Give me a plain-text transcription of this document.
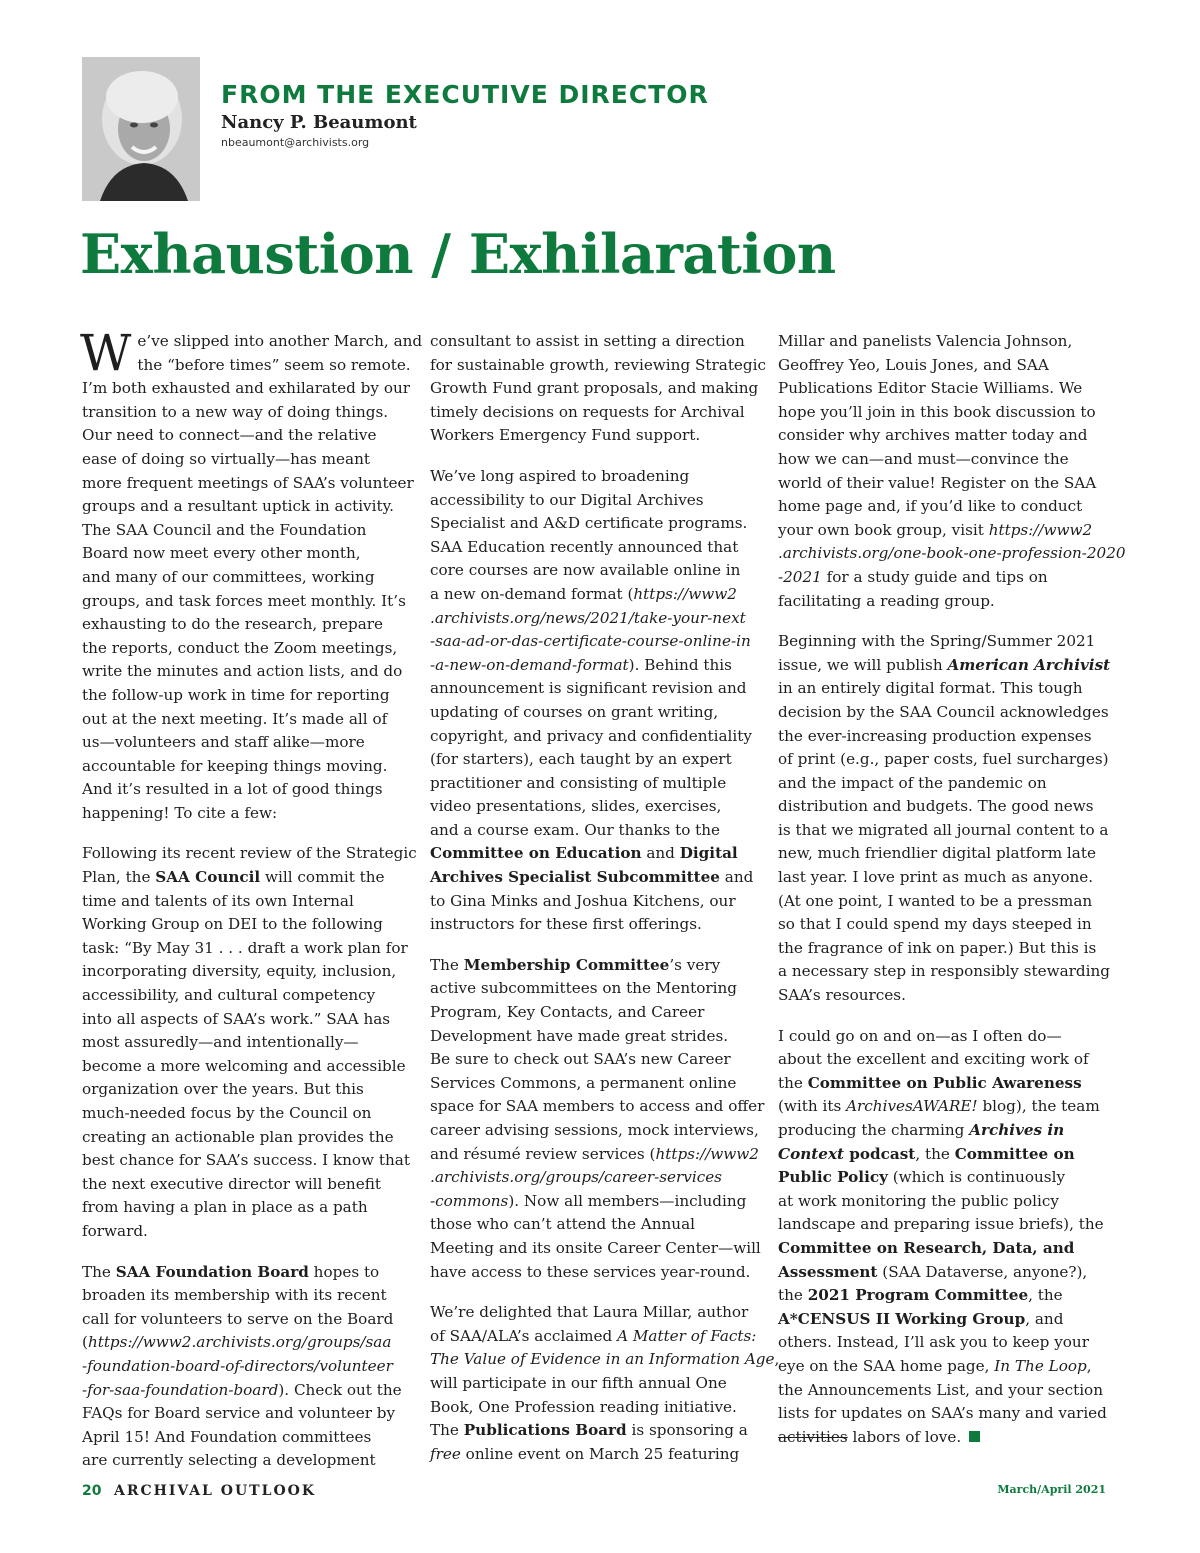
FROM THE EXECUTIVE DIRECTOR

Nancy P. Beaumont

nbeaumont@archivists.org

Exhaustion / Exhilaration

W e’ve slipped into another March, and
the “before times” seem so remote.
I’m both exhausted and exhilarated by our
transition to a new way of doing things.
Our need to connect—and the relative
ease of doing so virtually—has meant
more frequent meetings of SAA’s volunteer
groups and a resultant uptick in activity.
The SAA Council and the Foundation
Board now meet every other month,
and many of our committees, working
groups, and task forces meet monthly. It’s
exhausting to do the research, prepare
the reports, conduct the Zoom meetings,
write the minutes and action lists, and do
the follow-up work in time for reporting
out at the next meeting. It’s made all of
us—volunteers and staff alike—more
accountable for keeping things moving.
And it’s resulted in a lot of good things
happening! To cite a few:

Following its recent review of the Strategic
Plan, the SAA Council will commit the
time and talents of its own Internal
Working Group on DEI to the following
task: “By May 31 . . . draft a work plan for
incorporating diversity, equity, inclusion,
accessibility, and cultural competency
into all aspects of SAA’s work.” SAA has
most assuredly—and intentionally—
become a more welcoming and accessible
organization over the years. But this
much-needed focus by the Council on
creating an actionable plan provides the
best chance for SAA’s success. I know that
the next executive director will benefit
from having a plan in place as a path
forward.

The SAA Foundation Board hopes to
broaden its membership with its recent
call for volunteers to serve on the Board
(https://www2.archivists.org/groups/saa
-foundation-board-of-directors/volunteer
-for-saa-foundation-board). Check out the
FAQs for Board service and volunteer by
April 15! And Foundation committees
are currently selecting a development

consultant to assist in setting a direction
for sustainable growth, reviewing Strategic
Growth Fund grant proposals, and making
timely decisions on requests for Archival
Workers Emergency Fund support.

We’ve long aspired to broadening
accessibility to our Digital Archives
Specialist and A&D certificate programs.
SAA Education recently announced that
core courses are now available online in
a new on-demand format (https://www2
.archivists.org/news/2021/take-your-next
-saa-ad-or-das-certificate-course-online-in
-a-new-on-demand-format). Behind this
announcement is significant revision and
updating of courses on grant writing,
copyright, and privacy and confidentiality
(for starters), each taught by an expert
practitioner and consisting of multiple
video presentations, slides, exercises,
and a course exam. Our thanks to the
Committee on Education and Digital
Archives Specialist Subcommittee and
to Gina Minks and Joshua Kitchens, our
instructors for these first offerings.

The Membership Committee’s very
active subcommittees on the Mentoring
Program, Key Contacts, and Career
Development have made great strides.
Be sure to check out SAA’s new Career
Services Commons, a permanent online
space for SAA members to access and offer
career advising sessions, mock interviews,
and résumé review services (https://www2
.archivists.org/groups/career-services
-commons). Now all members—including
those who can’t attend the Annual
Meeting and its onsite Career Center—will
have access to these services year-round.

We’re delighted that Laura Millar, author
of SAA/ALA’s acclaimed A Matter of Facts:
The Value of Evidence in an Information Age,
will participate in our fifth annual One
Book, One Profession reading initiative.
The Publications Board is sponsoring a
free online event on March 25 featuring

Millar and panelists Valencia Johnson,
Geoffrey Yeo, Louis Jones, and SAA
Publications Editor Stacie Williams. We
hope you’ll join in this book discussion to
consider why archives matter today and
how we can—and must—convince the
world of their value! Register on the SAA
home page and, if you’d like to conduct
your own book group, visit https://www2
.archivists.org/one-book-one-profession-2020
-2021 for a study guide and tips on
facilitating a reading group.

Beginning with the Spring/Summer 2021
issue, we will publish American Archivist
in an entirely digital format. This tough
decision by the SAA Council acknowledges
the ever-increasing production expenses
of print (e.g., paper costs, fuel surcharges)
and the impact of the pandemic on
distribution and budgets. The good news
is that we migrated all journal content to a
new, much friendlier digital platform late
last year. I love print as much as anyone.
(At one point, I wanted to be a pressman
so that I could spend my days steeped in
the fragrance of ink on paper.) But this is
a necessary step in responsibly stewarding
SAA’s resources.

I could go on and on—as I often do—
about the excellent and exciting work of
the Committee on Public Awareness
(with its ArchivesAWARE! blog), the team
producing the charming Archives in
Context podcast, the Committee on
Public Policy (which is continuously
at work monitoring the public policy
landscape and preparing issue briefs), the
Committee on Research, Data, and
Assessment (SAA Dataverse, anyone?),
the 2021 Program Committee, the
A*CENSUS II Working Group, and
others. Instead, I’ll ask you to keep your
eye on the SAA home page, In The Loop,
the Announcements List, and your section
lists for updates on SAA’s many and varied
activities labors of love.

20 ARCHIVAL OUTLOOK	March/April 2021
